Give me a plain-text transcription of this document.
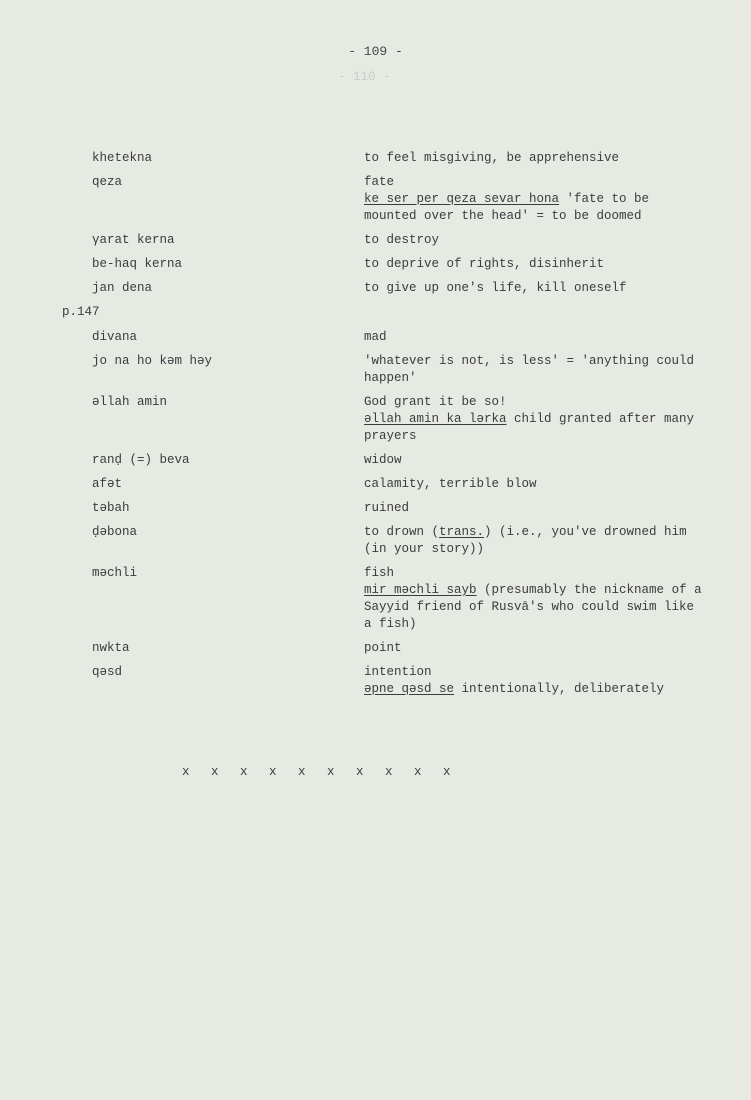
- 109 -
- 110 -
khetekna	to feel misgiving, be apprehensive
qeza	fate
ke ser per qeza sevar hona 'fate to be mounted over the head' = to be doomed
γarat kerna	to destroy
be-haq kerna	to deprive of rights, disinherit
jan dena	to give up one's life, kill oneself
p.147
divana	mad
jo na ho kəm həy	'whatever is not, is less' = 'anything could happen'
əllah amin	God grant it be so!
əllah amin ka lərka child granted after many prayers
ranḍ (=) beva	widow
afət	calamity, terrible blow
təbah	ruined
ḍəbona	to drown (trans.) (i.e., you've drowned him (in your story))
məchli	fish
mir məchli sayb (presumably the nickname of a Sayyid friend of Rusvā's who could swim like a fish)
nwkta	point
qəsd	intention
əpne qəsd se intentionally, deliberately
x x x x x x x x x x
